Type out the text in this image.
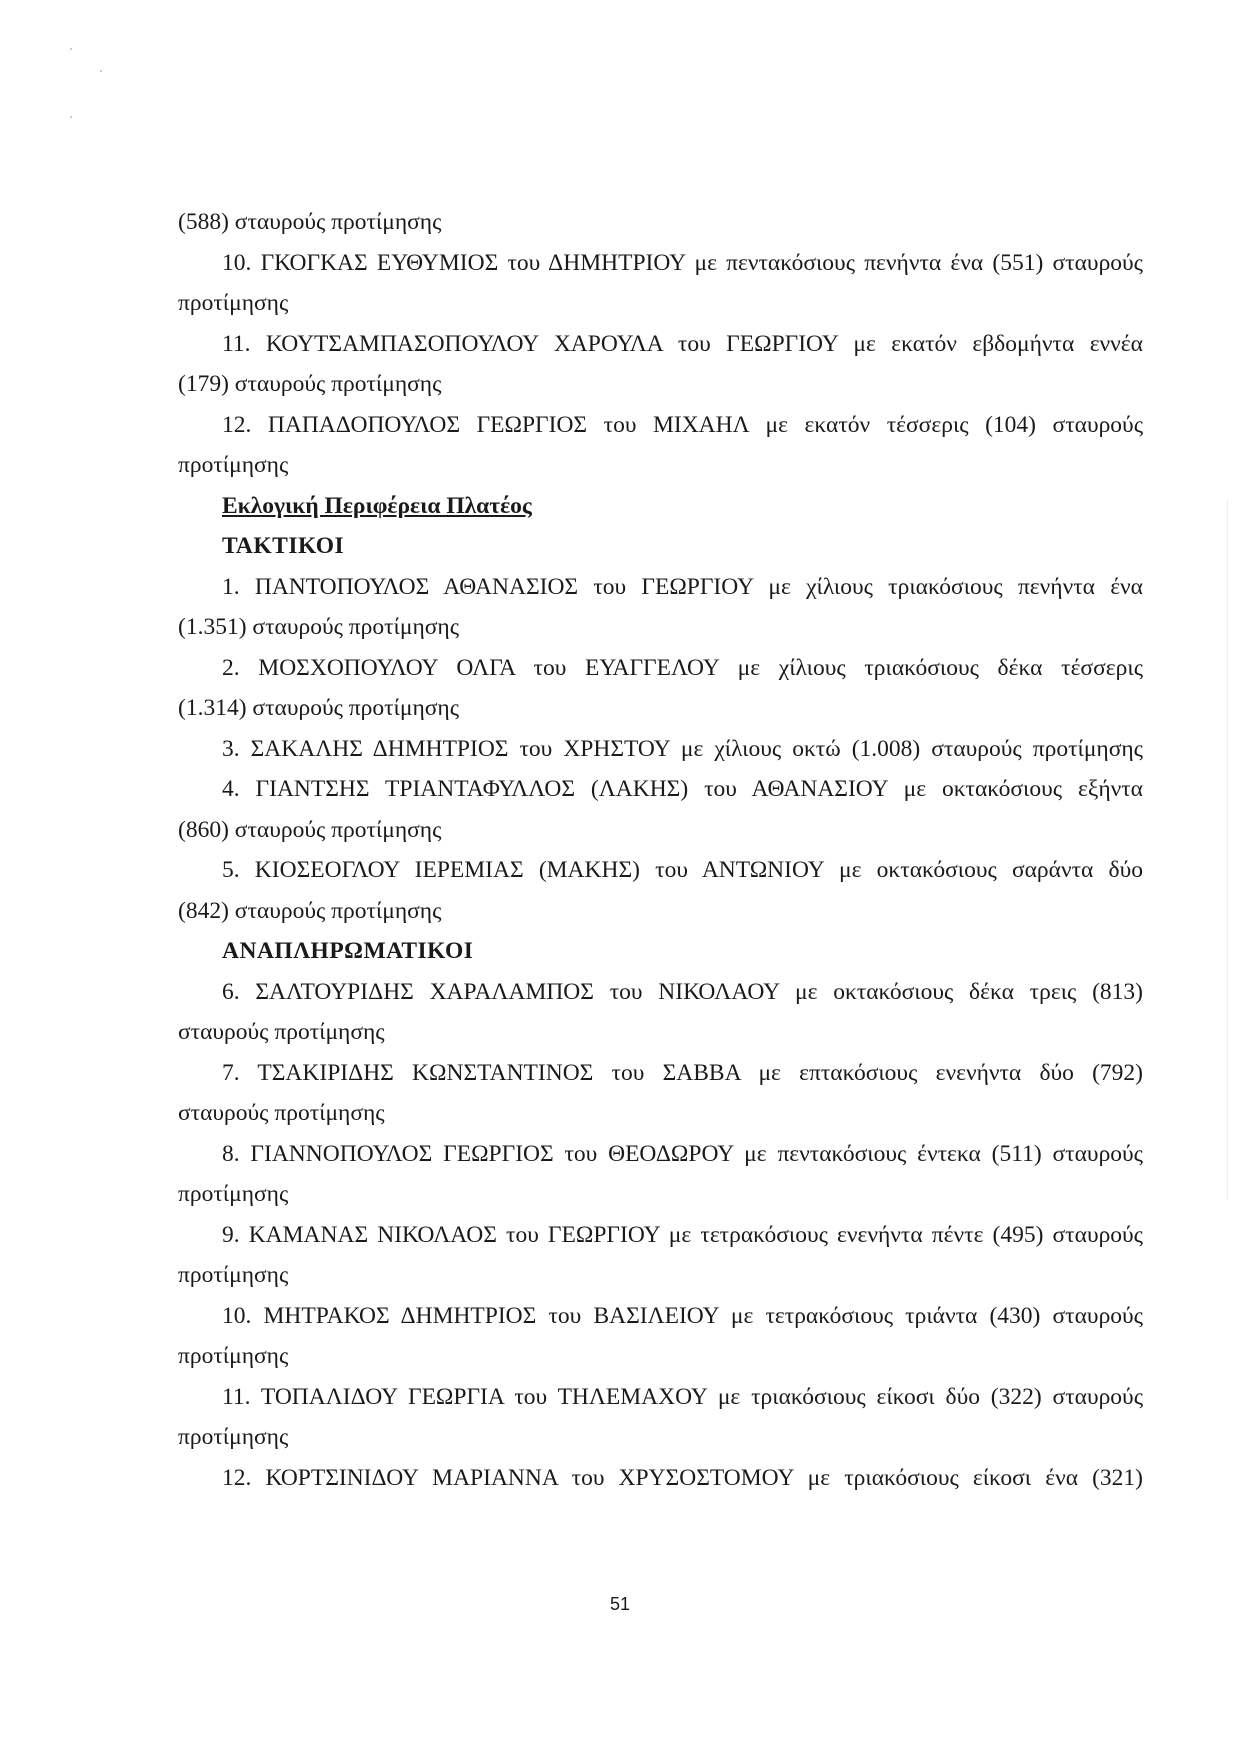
(588) σταυρούς προτίμησης
10. ΓΚΟΓΚΑΣ ΕΥΘΥΜΙΟΣ του ΔΗΜΗΤΡΙΟΥ με πεντακόσιους πενήντα ένα (551) σταυρούς
προτίμησης
11. ΚΟΥΤΣΑΜΠΑΣΟΠΟΥΛΟΥ ΧΑΡΟΥΛΑ του ΓΕΩΡΓΙΟΥ με εκατόν εβδομήντα εννέα
(179) σταυρούς προτίμησης
12. ΠΑΠΑΔΟΠΟΥΛΟΣ ΓΕΩΡΓΙΟΣ του ΜΙΧΑΗΛ με εκατόν τέσσερις (104) σταυρούς
προτίμησης
Εκλογική Περιφέρεια Πλατέος
ΤΑΚΤΙΚΟΙ
1. ΠΑΝΤΟΠΟΥΛΟΣ ΑΘΑΝΑΣΙΟΣ του ΓΕΩΡΓΙΟΥ με χίλιους τριακόσιους πενήντα ένα
(1.351) σταυρούς προτίμησης
2. ΜΟΣΧΟΠΟΥΛΟΥ ΟΛΓΑ του ΕΥΑΓΓΕΛΟΥ με χίλιους τριακόσιους δέκα τέσσερις
(1.314) σταυρούς προτίμησης
3. ΣΑΚΑΛΗΣ ΔΗΜΗΤΡΙΟΣ του ΧΡΗΣΤΟΥ με χίλιους οκτώ (1.008) σταυρούς προτίμησης
4. ΓΙΑΝΤΣΗΣ ΤΡΙΑΝΤΑΦΥΛΛΟΣ (ΛΑΚΗΣ) του ΑΘΑΝΑΣΙΟΥ με οκτακόσιους εξήντα
(860) σταυρούς προτίμησης
5. ΚΙΟΣΕΟΓΛΟΥ ΙΕΡΕΜΙΑΣ (ΜΑΚΗΣ) του ΑΝΤΩΝΙΟΥ με οκτακόσιους σαράντα δύο
(842) σταυρούς προτίμησης
ΑΝΑΠΛΗΡΩΜΑΤΙΚΟΙ
6. ΣΑΛΤΟΥΡΙΔΗΣ ΧΑΡΑΛΑΜΠΟΣ του ΝΙΚΟΛΑΟΥ με οκτακόσιους δέκα τρεις (813)
σταυρούς προτίμησης
7. ΤΣΑΚΙΡΙΔΗΣ ΚΩΝΣΤΑΝΤΙΝΟΣ του ΣΑΒΒΑ με επτακόσιους ενενήντα δύο (792)
σταυρούς προτίμησης
8. ΓΙΑΝΝΟΠΟΥΛΟΣ ΓΕΩΡΓΙΟΣ του ΘΕΟΔΩΡΟΥ με πεντακόσιους έντεκα (511) σταυρούς
προτίμησης
9. ΚΑΜΑΝΑΣ ΝΙΚΟΛΑΟΣ του ΓΕΩΡΓΙΟΥ με τετρακόσιους ενενήντα πέντε (495) σταυρούς
προτίμησης
10. ΜΗΤΡΑΚΟΣ ΔΗΜΗΤΡΙΟΣ του ΒΑΣΙΛΕΙΟΥ με τετρακόσιους τριάντα (430) σταυρούς
προτίμησης
11. ΤΟΠΑΛΙΔΟΥ ΓΕΩΡΓΙΑ του ΤΗΛΕΜΑΧΟΥ με τριακόσιους είκοσι δύο (322) σταυρούς
προτίμησης
12. ΚΟΡΤΣΙΝΙΔΟΥ ΜΑΡΙΑΝΝΑ του ΧΡΥΣΟΣΤΟΜΟΥ με τριακόσιους είκοσι ένα (321)
51
